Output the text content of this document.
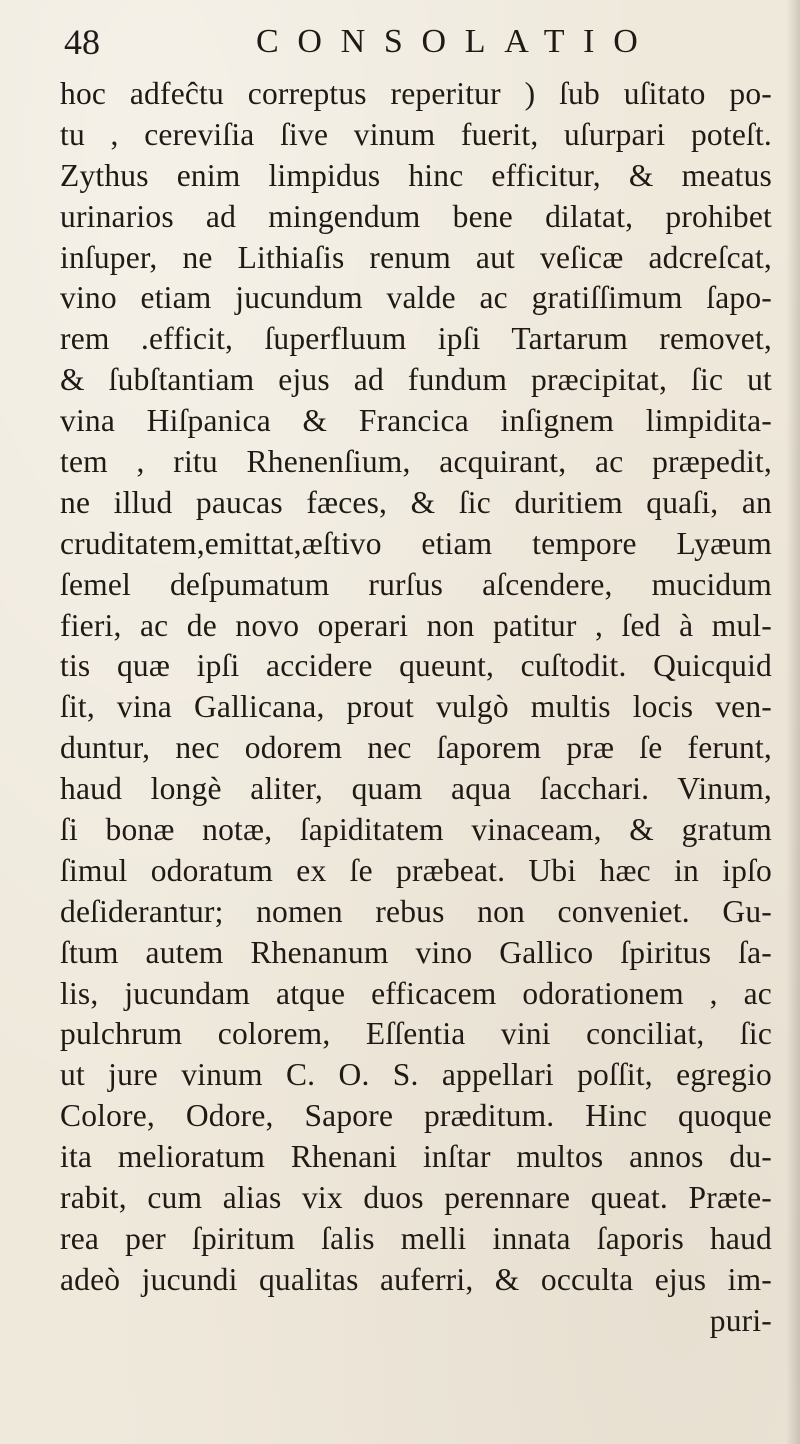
48	CONSOLATIO
hoc adfeĉtu correptus reperitur ) ſub uſitato po-
tu , cereviſia ſive vinum fuerit, uſurpari poteſt.
Zythus enim limpidus hinc efficitur, & meatus
urinarios ad mingendum bene dilatat, prohibet
inſuper, ne Lithiaſis renum aut veſicæ adcreſcat,
vino etiam jucundum valde ac gratiſſimum ſapo-
rem .efficit, ſuperfluum ipſi Tartarum removet,
& ſubſtantiam ejus ad fundum præcipitat, ſic ut
vina Hiſpanica & Francica inſignem limpidita-
tem , ritu Rhenenſium, acquirant, ac præpedit,
ne illud paucas fæces, & ſic duritiem quaſi, an
cruditatem,emittat,æſtivo etiam tempore Lyæum
ſemel deſpumatum rurſus aſcendere, mucidum
fieri, ac de novo operari non patitur , ſed à mul-
tis quæ ipſi accidere queunt, cuſtodit. Quicquid
ſit, vina Gallicana, prout vulgò multis locis ven-
duntur, nec odorem nec ſaporem præ ſe ferunt,
haud longè aliter, quam aqua ſacchari. Vinum,
ſi bonæ notæ, ſapiditatem vinaceam, & gratum
ſimul odoratum ex ſe præbeat. Ubi hæc in ipſo
deſiderantur; nomen rebus non conveniet. Gu-
ſtum autem Rhenanum vino Gallico ſpiritus ſa-
lis, jucundam atque efficacem odorationem , ac
pulchrum colorem, Eſſentia vini conciliat, ſic
ut jure vinum C. O. S. appellari poſſit, egregio
Colore, Odore, Sapore præditum. Hinc quoque
ita melioratum Rhenani inſtar multos annos du-
rabit, cum alias vix duos perennare queat. Præte-
rea per ſpiritum ſalis melli innata ſaporis haud
adeò jucundi qualitas auferri, & occulta ejus im-
puri-
